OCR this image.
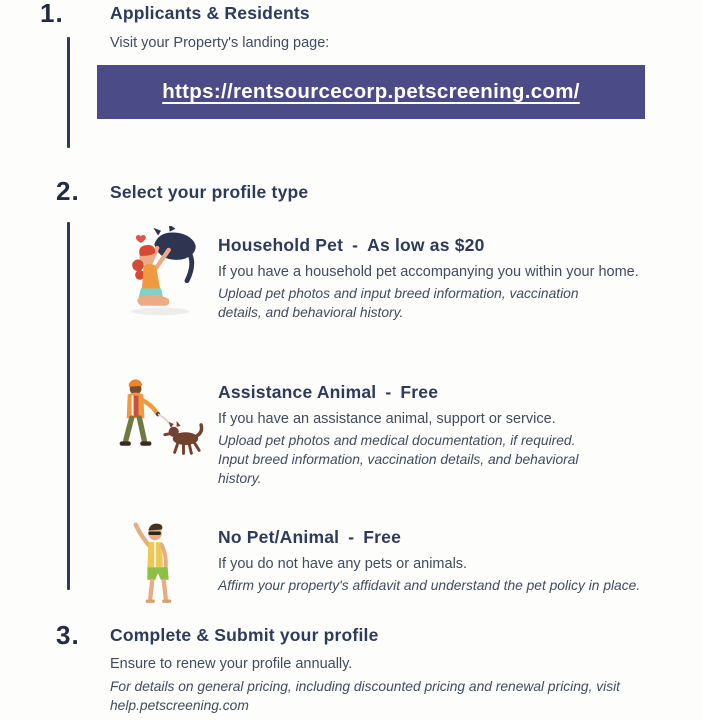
1.	Applicants & Residents
Visit your Property's landing page:
https://rentsourcecorp.petscreening.com/
2. Select your profile type
Household Pet - As low as $20
If you have a household pet accompanying you within your home.
Upload pet photos and input breed information, vaccination details, and behavioral history.
Assistance Animal - Free
If you have an assistance animal, support or service.
Upload pet photos and medical documentation, if required. Input breed information, vaccination details, and behavioral history.
No Pet/Animal - Free
If you do not have any pets or animals.
Affirm your property's affidavit and understand the pet policy in place.
3. Complete & Submit your profile
Ensure to renew your profile annually.
For details on general pricing, including discounted pricing and renewal pricing, visit help.petscreening.com
